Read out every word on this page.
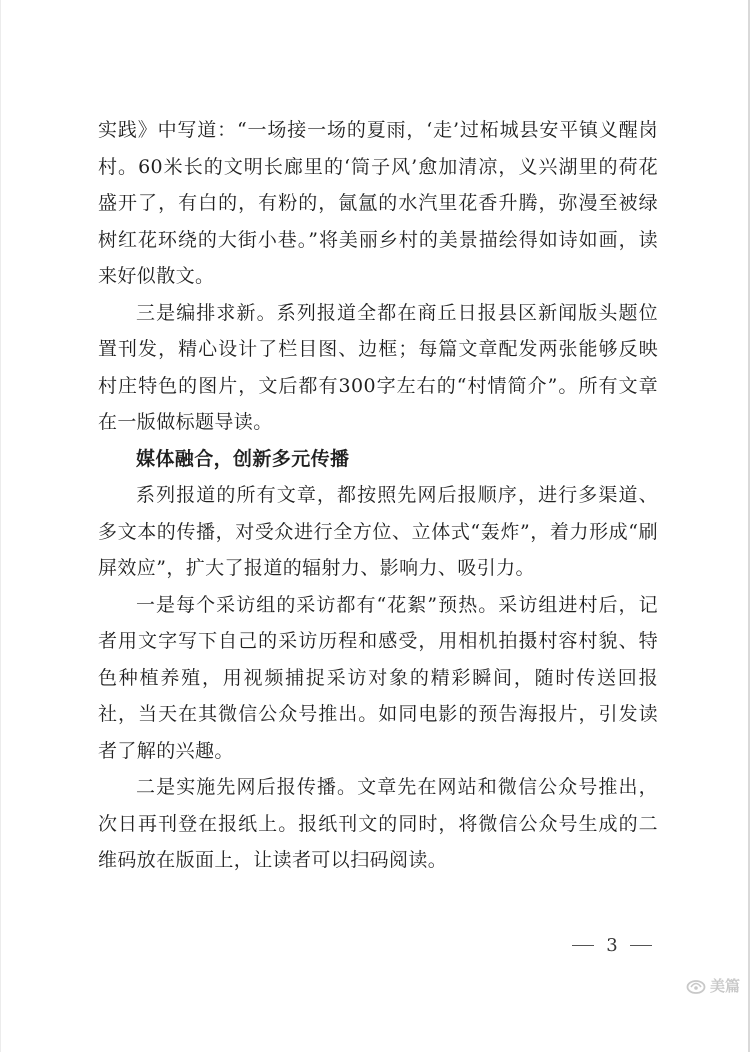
实践》中写道：“一场接一场的夏雨，‘走’过柘城县安平镇义醒岗村。60米长的文明长廊里的‘筒子风’愈加清凉，义兴湖里的荷花盛开了，有白的，有粉的，氤氲的水汽里花香升腾，弥漫至被绿树红花环绕的大街小巷。”将美丽乡村的美景描绘得如诗如画，读来好似散文。

三是编排求新。系列报道全都在商丘日报县区新闻版头题位置刊发，精心设计了栏目图、边框；每篇文章配发两张能够反映村庄特色的图片，文后都有300字左右的“村情简介”。所有文章在一版做标题导读。

媒体融合，创新多元传播

系列报道的所有文章，都按照先网后报顺序，进行多渠道、多文本的传播，对受众进行全方位、立体式“轰炸”，着力形成“刷屏效应”，扩大了报道的辐射力、影响力、吸引力。

一是每个采访组的采访都有“花絮”预热。采访组进村后，记者用文字写下自己的采访历程和感受，用相机拍摄村容村貌、特色种植养殖，用视频捕捉采访对象的精彩瞬间，随时传送回报社，当天在其微信公众号推出。如同电影的预告海报片，引发读者了解的兴趣。

二是实施先网后报传播。文章先在网站和微信公众号推出，次日再刊登在报纸上。报纸刊文的同时，将微信公众号生成的二维码放在版面上，让读者可以扫码阅读。

3
美篇
